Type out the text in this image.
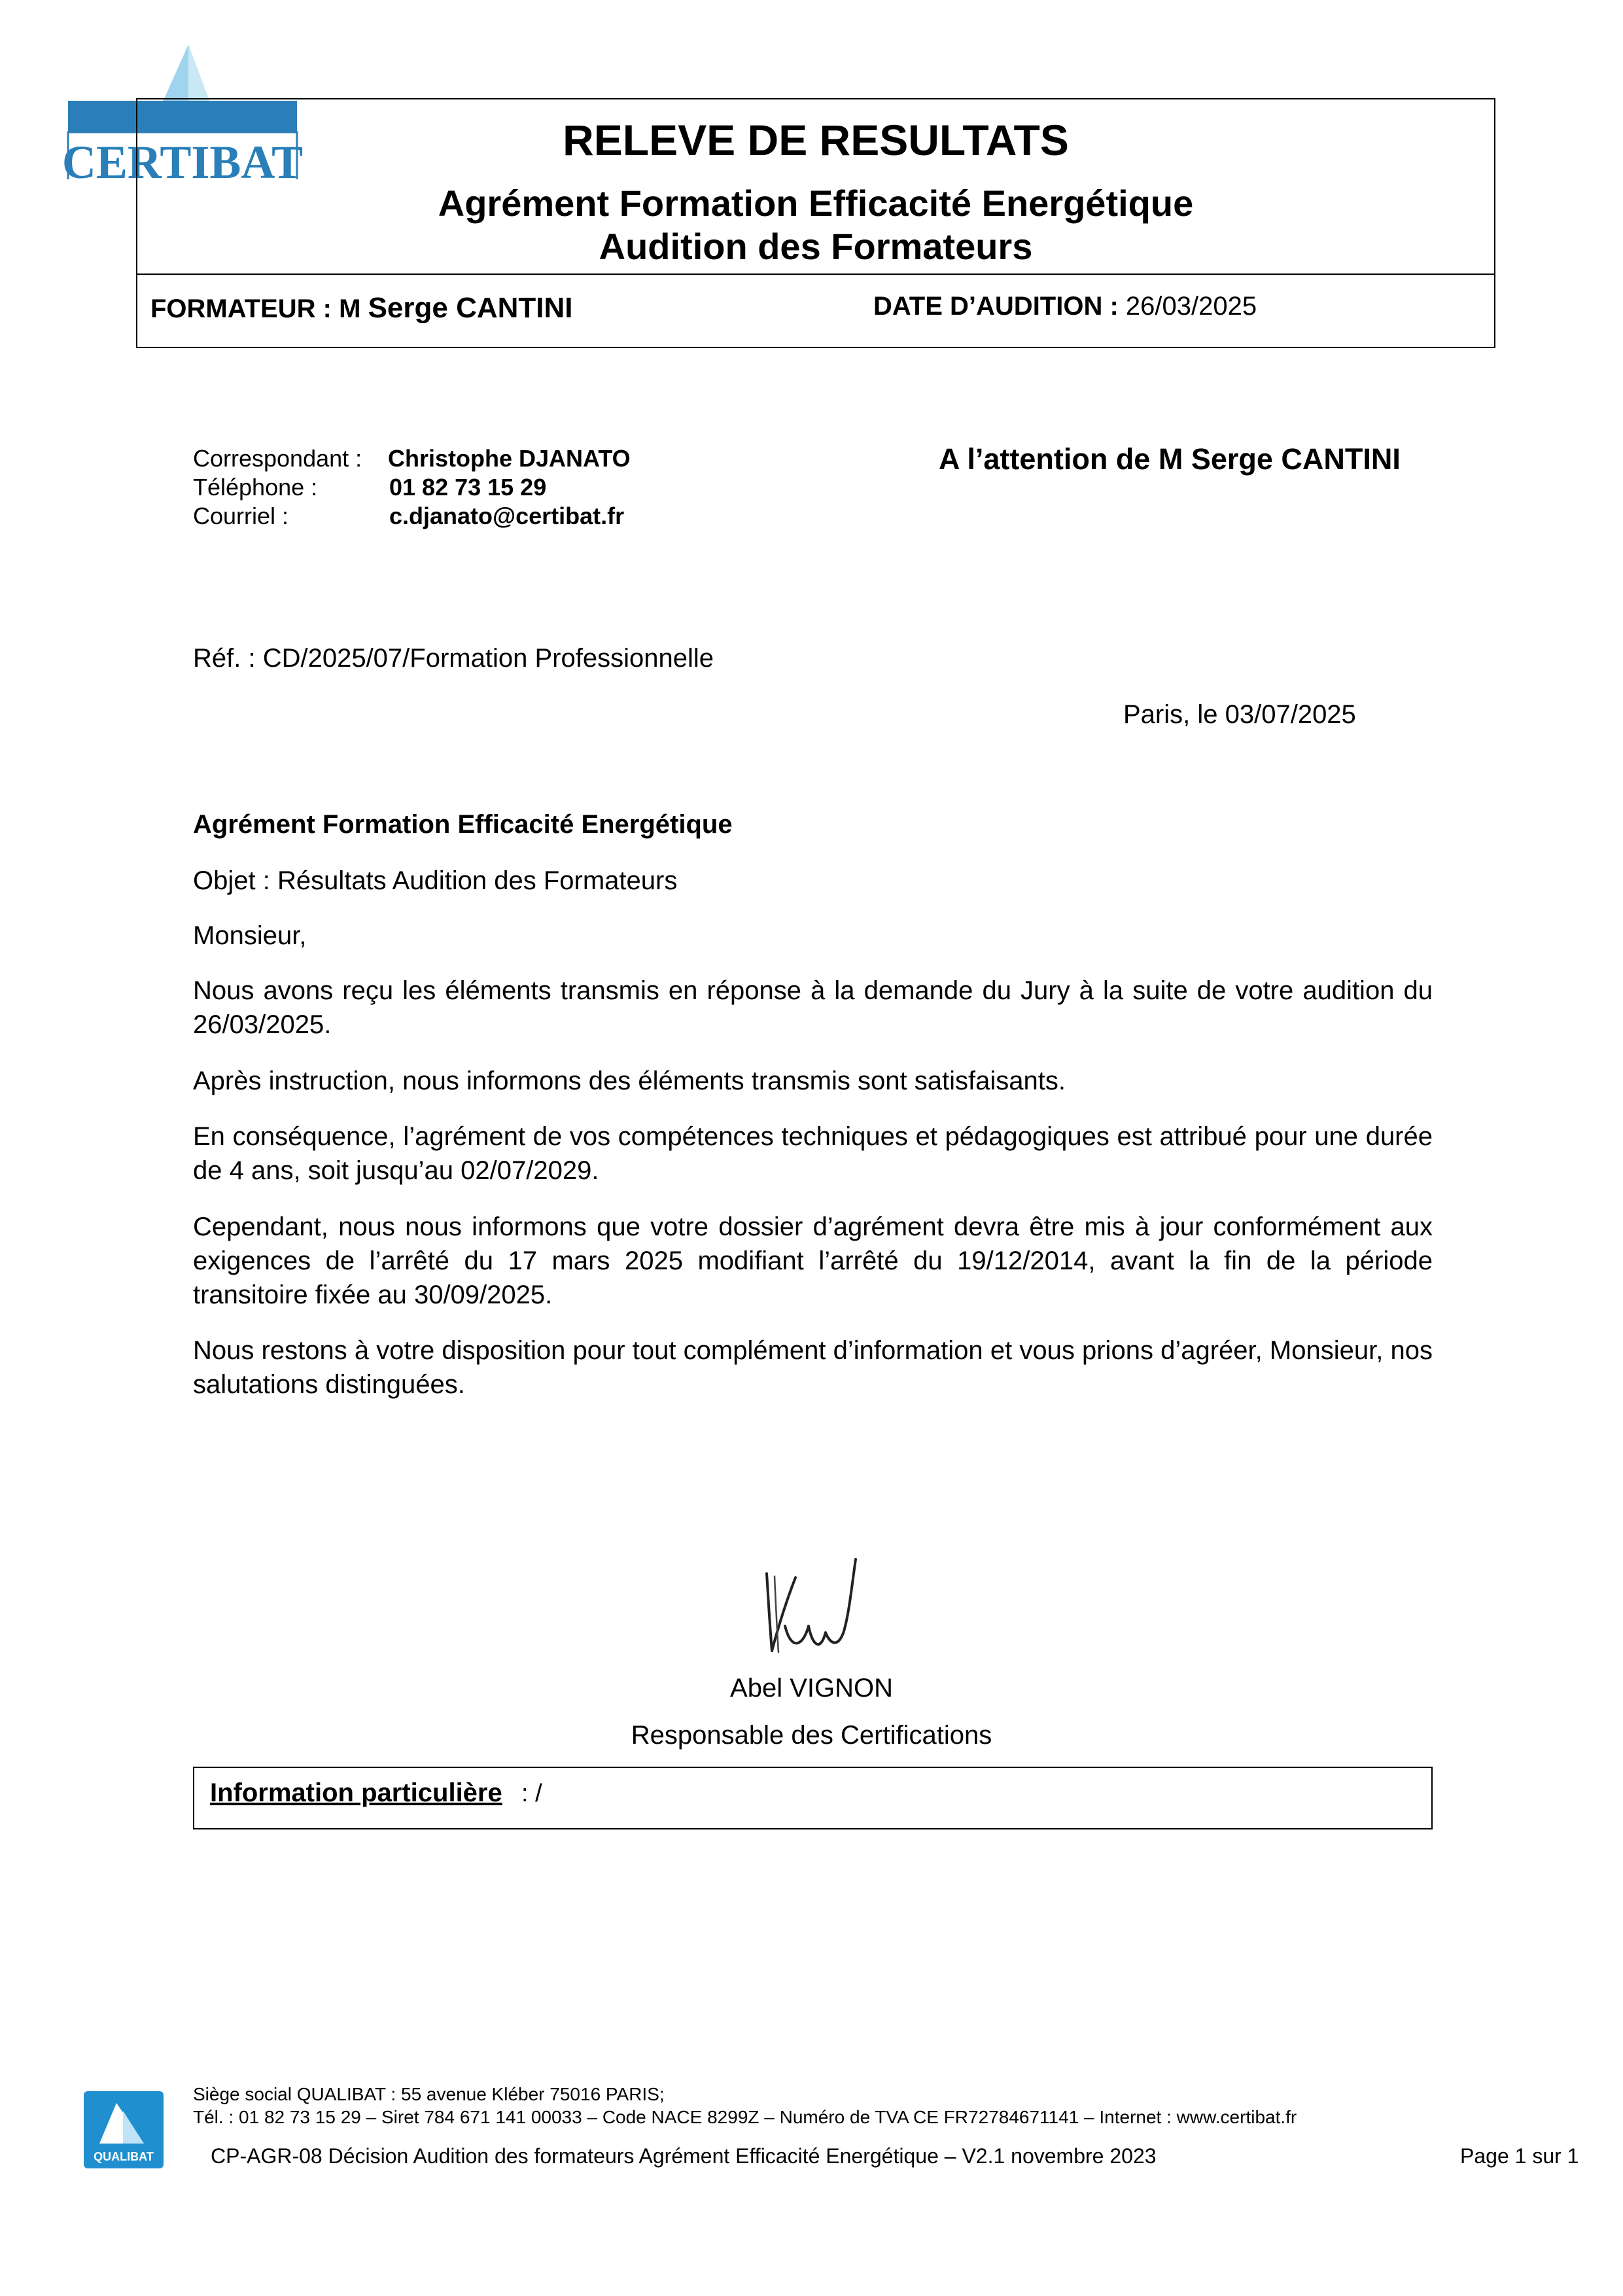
CERTIBAT	RELEVE DE RESULTATS
Agrément Formation Efficacité Energétique
Audition des Formateurs
FORMATEUR : M Serge CANTINI	DATE D’AUDITION : 26/03/2025
Correspondant : Christophe DJANATO
Téléphone :	01 82 73 15 29
Courriel :	c.djanato@certibat.fr
A l’attention de M Serge CANTINI
Réf. : CD/2025/07/Formation Professionnelle
Paris, le 03/07/2025
Agrément Formation Efficacité Energétique
Objet : Résultats Audition des Formateurs
Monsieur,
Nous avons reçu les éléments transmis en réponse à la demande du Jury à la suite de votre audition du 26/03/2025.
Après instruction, nous informons des éléments transmis sont satisfaisants.
En conséquence, l’agrément de vos compétences techniques et pédagogiques est attribué pour une durée de 4 ans, soit jusqu’au 02/07/2029.
Cependant, nous nous informons que votre dossier d’agrément devra être mis à jour conformément aux exigences de l’arrêté du 17 mars 2025 modifiant l’arrêté du 19/12/2014, avant la fin de la période transitoire fixée au 30/09/2025.
Nous restons à votre disposition pour tout complément d’information et vous prions d’agréer, Monsieur, nos salutations distinguées.
Abel VIGNON
Responsable des Certifications
Information particulière : /
QUALIBAT
Siège social QUALIBAT : 55 avenue Kléber 75016 PARIS;
Tél. : 01 82 73 15 29 – Siret 784 671 141 00033 – Code NACE 8299Z – Numéro de TVA CE FR72784671141 – Internet : www.certibat.fr
CP-AGR-08 Décision Audition des formateurs Agrément Efficacité Energétique – V2.1 novembre 2023	Page 1 sur 1
